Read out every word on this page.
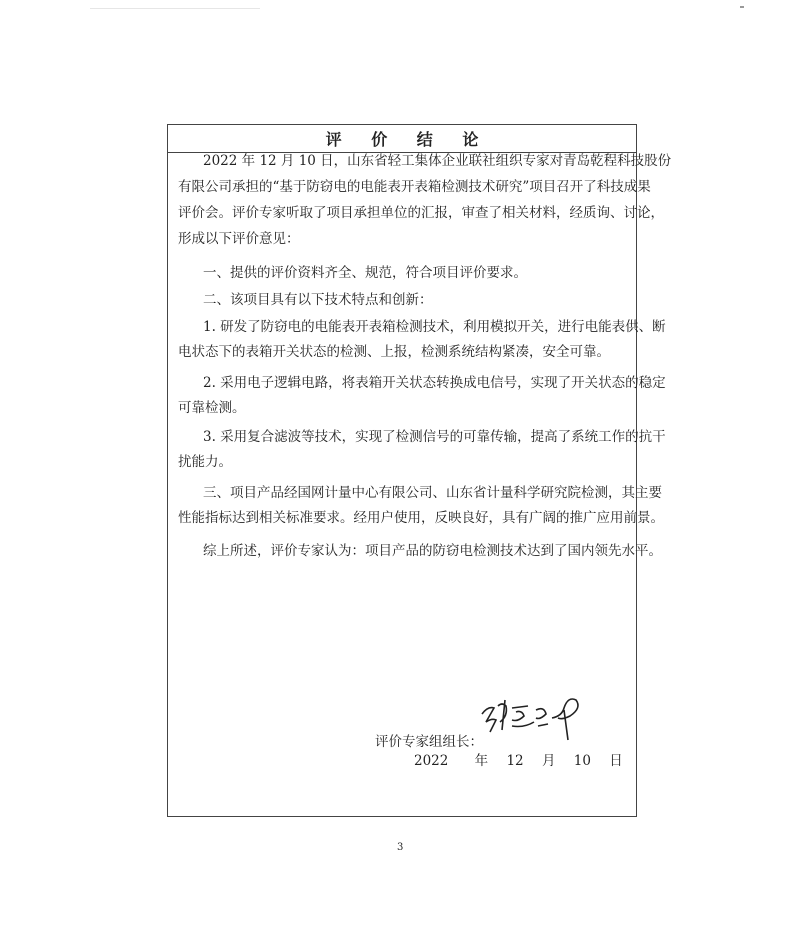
评 价 结 论
2022 年 12 月 10 日，山东省轻工集体企业联社组织专家对青岛乾程科技股份
有限公司承担的“基于防窃电的电能表开表箱检测技术研究”项目召开了科技成果
评价会。评价专家听取了项目承担单位的汇报，审查了相关材料，经质询、讨论，
形成以下评价意见：
一、提供的评价资料齐全、规范，符合项目评价要求。
二、该项目具有以下技术特点和创新：
1. 研发了防窃电的电能表开表箱检测技术，利用模拟开关，进行电能表供、断
电状态下的表箱开关状态的检测、上报，检测系统结构紧凑，安全可靠。
2. 采用电子逻辑电路，将表箱开关状态转换成电信号，实现了开关状态的稳定
可靠检测。
3. 采用复合滤波等技术，实现了检测信号的可靠传输，提高了系统工作的抗干
扰能力。
三、项目产品经国网计量中心有限公司、山东省计量科学研究院检测，其主要
性能指标达到相关标准要求。经用户使用，反映良好，具有广阔的推广应用前景。
综上所述，评价专家认为：项目产品的防窃电检测技术达到了国内领先水平。
评价专家组组长：
2022 年 12 月 10 日
3
